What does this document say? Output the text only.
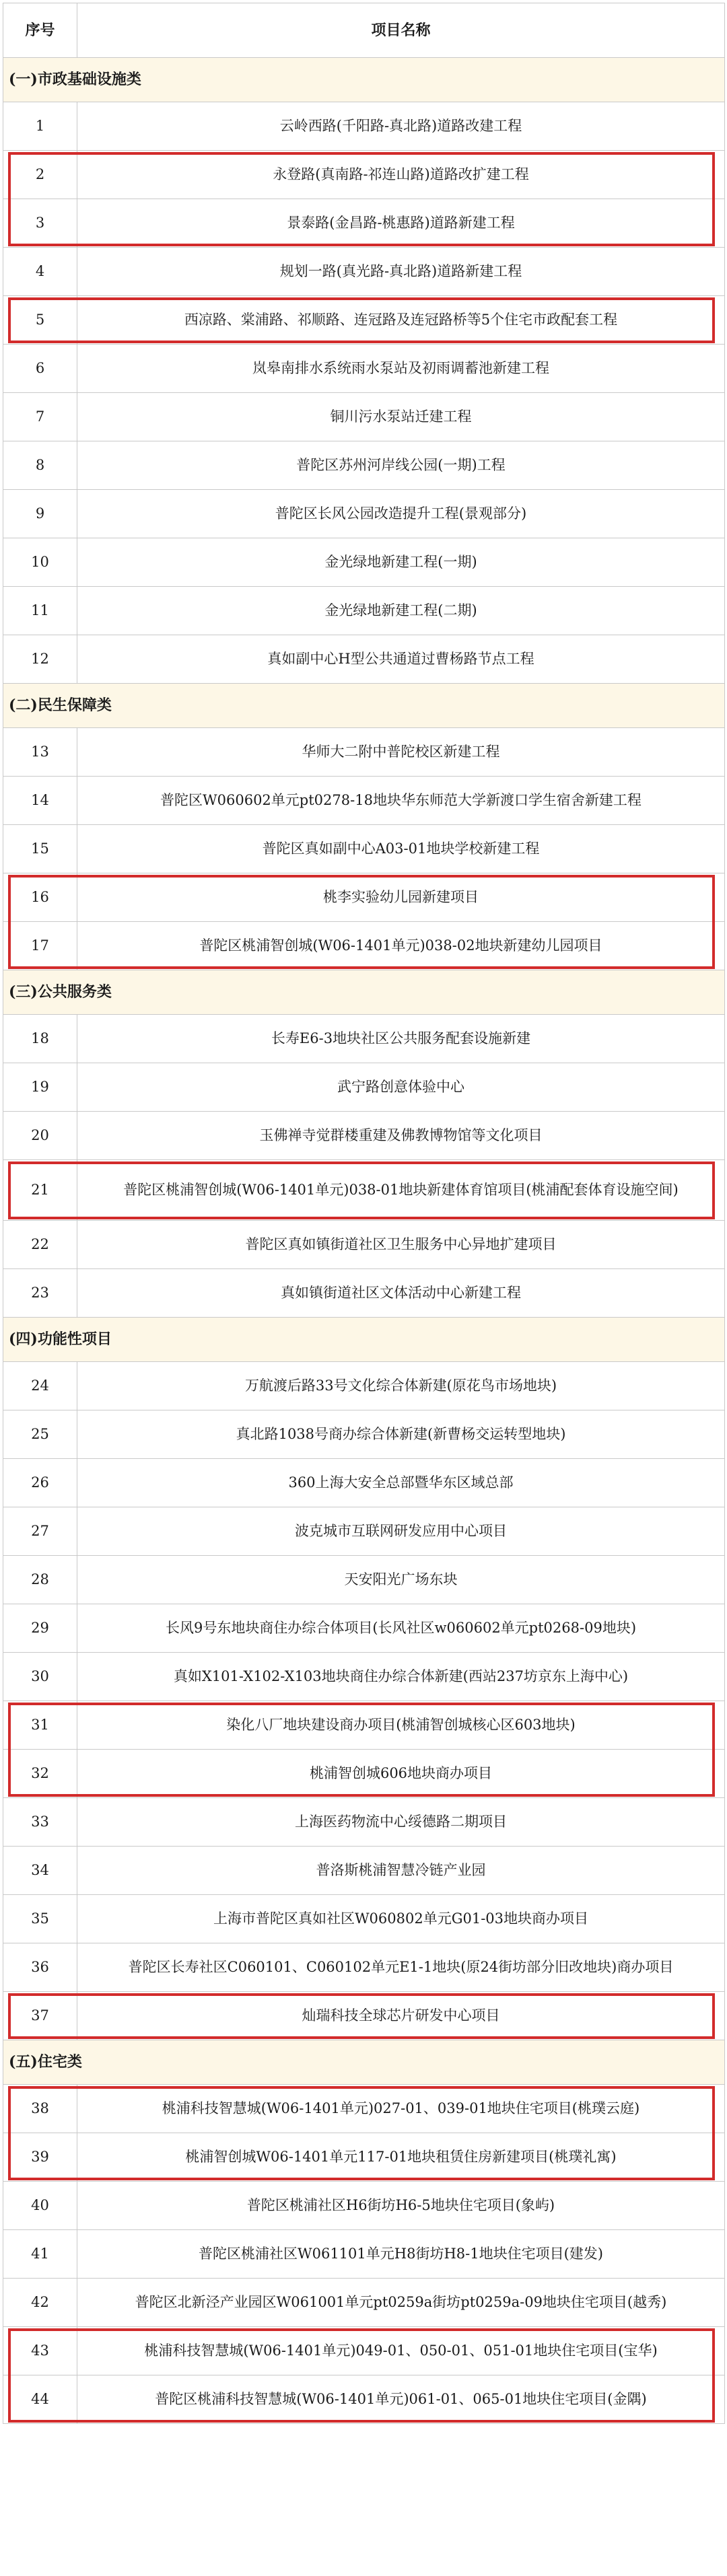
序号	项目名称
(一)市政基础设施类	
1	云岭西路(千阳路-真北路)道路改建工程
2	永登路(真南路-祁连山路)道路改扩建工程
3	景泰路(金昌路-桃惠路)道路新建工程
4	规划一路(真光路-真北路)道路新建工程
5	西凉路、棠浦路、祁顺路、连冠路及连冠路桥等5个住宅市政配套工程
6	岚皋南排水系统雨水泵站及初雨调蓄池新建工程
7	铜川污水泵站迁建工程
8	普陀区苏州河岸线公园(一期)工程
9	普陀区长风公园改造提升工程(景观部分)
10	金光绿地新建工程(一期)
11	金光绿地新建工程(二期)
12	真如副中心H型公共通道过曹杨路节点工程
(二)民生保障类	
13	华师大二附中普陀校区新建工程
14	普陀区W060602单元pt0278-18地块华东师范大学新渡口学生宿舍新建工程
15	普陀区真如副中心A03-01地块学校新建工程
16	桃李实验幼儿园新建项目
17	普陀区桃浦智创城(W06-1401单元)038-02地块新建幼儿园项目
(三)公共服务类	
18	长寿E6-3地块社区公共服务配套设施新建
19	武宁路创意体验中心
20	玉佛禅寺觉群楼重建及佛教博物馆等文化项目
21	普陀区桃浦智创城(W06-1401单元)038-01地块新建体育馆项目(桃浦配套体育设施空间)
22	普陀区真如镇街道社区卫生服务中心异地扩建项目
23	真如镇街道社区文体活动中心新建工程
(四)功能性项目	
24	万航渡后路33号文化综合体新建(原花鸟市场地块)
25	真北路1038号商办综合体新建(新曹杨交运转型地块)
26	360上海大安全总部暨华东区域总部
27	波克城市互联网研发应用中心项目
28	天安阳光广场东块
29	长风9号东地块商住办综合体项目(长风社区w060602单元pt0268-09地块)
30	真如X101-X102-X103地块商住办综合体新建(西站237坊京东上海中心)
31	染化八厂地块建设商办项目(桃浦智创城核心区603地块)
32	桃浦智创城606地块商办项目
33	上海医药物流中心绥德路二期项目
34	普洛斯桃浦智慧冷链产业园
35	上海市普陀区真如社区W060802单元G01-03地块商办项目
36	普陀区长寿社区C060101、C060102单元E1-1地块(原24街坊部分旧改地块)商办项目
37	灿瑞科技全球芯片研发中心项目
(五)住宅类	
38	桃浦科技智慧城(W06-1401单元)027-01、039-01地块住宅项目(桃璞云庭)
39	桃浦智创城W06-1401单元117-01地块租赁住房新建项目(桃璞礼寓)
40	普陀区桃浦社区H6街坊H6-5地块住宅项目(象屿)
41	普陀区桃浦社区W061101单元H8街坊H8-1地块住宅项目(建发)
42	普陀区北新泾产业园区W061001单元pt0259a街坊pt0259a-09地块住宅项目(越秀)
43	桃浦科技智慧城(W06-1401单元)049-01、050-01、051-01地块住宅项目(宝华)
44	普陀区桃浦科技智慧城(W06-1401单元)061-01、065-01地块住宅项目(金隅)
